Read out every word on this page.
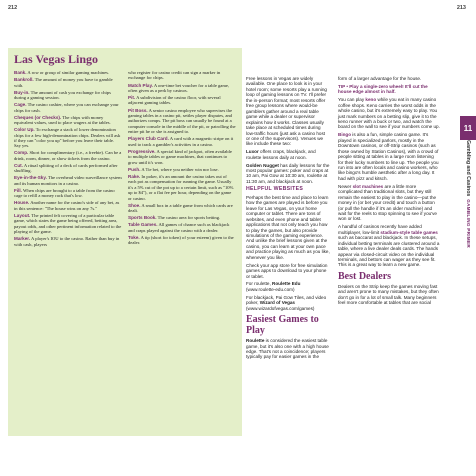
212	213
Las Vegas Lingo

Bank. A row or group of similar gaming machines.

Bankroll. The amount of money you have to gamble with.

Buy-in. The amount of cash you exchange for chips during a gaming session.

Cage. The casino cashier, where you can exchange your chips for cash.

Cheques (or Checks). The chips with money equivalent values, used to place wagers at the tables.

Color Up. To exchange a stack of lower denomination chips for a few high-denomination chips. Dealers will ask if they can "color you up" before you leave their table. Say yes.

Comp. Short for complimentary (i.e., a freebie). Can be a drink, room, dinner, or show tickets from the casino.

Cut. A ritual splitting of a deck of cards performed after shuffling.

Eye-in-the-Sky. The overhead video surveillance system and its human monitors in a casino.

Fill. When chips are brought to a table from the casino cage to refill a money rack that's low.

House. Another name for the casino's side of any bet, as in this sentence: "The house wins on any 7s."

Layout. The printed felt covering of a particular table game, which states the game being offered, betting area, payout odds, and other pertinent information related to the playing of the game.

Marker. A player's IOU to the casino. Rather than buy in with cash, players

who register for casino credit can sign a marker in exchange for chips.

Match Play. A one-time bet voucher for a table game, often given as a perk by casinos.

Pit. A subdivision of the casino floor, with several adjacent gaming tables.

Pit Boss. A senior casino employee who supervises the gaming tables in a casino pit, settles player disputes, and authorizes comps. The pit boss can usually be found at a computer console in the middle of the pit, or patrolling the entire pit he or she is assigned to.

Players Club Card. A card with a magnetic stripe on it used to track a gambler's activities in a casino.

Progressive. A special kind of jackpot, often available to multiple tables or game machines, that continues to grow until it's won.

Push. A Tie bet, where you neither win nor lose.

Rake. In poker, it's an amount the casino takes out of each pot as compensation for running the game. Usually it's a 5% cut of the pot up to a certain limit, such as "10% up to $4"), or a flat fee per hour, depending on the game or casino.

Shoe. A small box in a table game from which cards are dealt.

Sports Book. The casino area for sports betting.

Table Games. All games of chance such as blackjack and craps played against the casino with a dealer.

Toke. A tip (short for token) of your esteem) given to the dealer.

Free lessons in Vegas are widely available. One place to look is in your hotel room; some resorts play a running loop of gaming lessons on TV. I'll prefer the in-person format; most resorts offer free group lessons where would-be gamblers gather around a real table game while a dealer or supervisor explains how it works. Classes usually take place at scheduled times during low-traffic hours (just ask a casino host or one of the supervisors). Venues we like include these two:

Luxor offers craps, blackjack, and roulette lessons daily at noon.

Golden Nugget has daily lessons for the most popular games: poker and craps at 10 am, Pai Gow at 10:30 am, roulette at 11:30 am, and blackjack at noon.

HELPFUL WEBSITES

Perhaps the best time and place to learn how the games are played is before you leave for Las Vegas, on your home computer or tablet. There are tons of websites, and even phone and tablet applications that not only teach you how to play the games, but also provide simulations of the gaming experience. And unlike the brief lessons given at the casino, you can learn at your own pace and practice playing as much as you like, whenever you like.

Check your app store for free simulation games apps to download to your phone or tablet.

For roulette, Roulette Edu (www.roulette-edu.com)

For blackjack, Pai Gow Tiles, and video poker, Wizard of Vegas (www.wizardofvegas.com/games)

Easiest Games to Play

Roulette is considered the easiest table game, but it's also one with a high house edge. That's not a coincidence; players typically pay for easier games in the

form of a larger advantage for the house.

TIP • Play a single-zero wheel! It'll cut the house edge almost in half.

You can play keno while you eat in many casino coffee shops. Keno carries the worst odds in the whole casino, but it's extremely easy to play. You just mark numbers on a betting slip, give it to the keno runner with a buck or two, and watch the board on the wall to see if your numbers come up.

Bingo is also a fun, simple casino game. It's played in specialized parlors, mostly in the Downtown casinos, or off-Strip casinos (such as those owned by Station Casinos), with a crowd of people sitting at tables in a large room listening for their lucky numbers to line up. The people you run into are often locals and casino workers, who like bingo's humble aesthetic after a long day. It had with pizz and kitsch.

Newer slot machines are a little more complicated than traditional slots, but they still remain the easiest to play in the casino—put the money in (or bet your credit) and touch a button (or pull the handle if it's an older machine) and wait for the reels to stop spinning to see if you've won or lost.

A handful of casinos recently have added multiplayer, low-limit stadium-style table games such as baccarat and blackjack. In these setups, individual betting terminals are clustered around a table, where a live dealer deals cards. The hands appear via closed-circuit video on the individual terminals, and bettors can wager as they see fit. This is a great way to learn a new game.

Best Dealers

Dealers on the Strip keep the games moving fast and aren't prone to many mistakes, but they often don't go in for a lot of small talk. Many beginners feel more comfortable at tables that are social

11
Gambling and CasinosGAMBLING PRIMER
